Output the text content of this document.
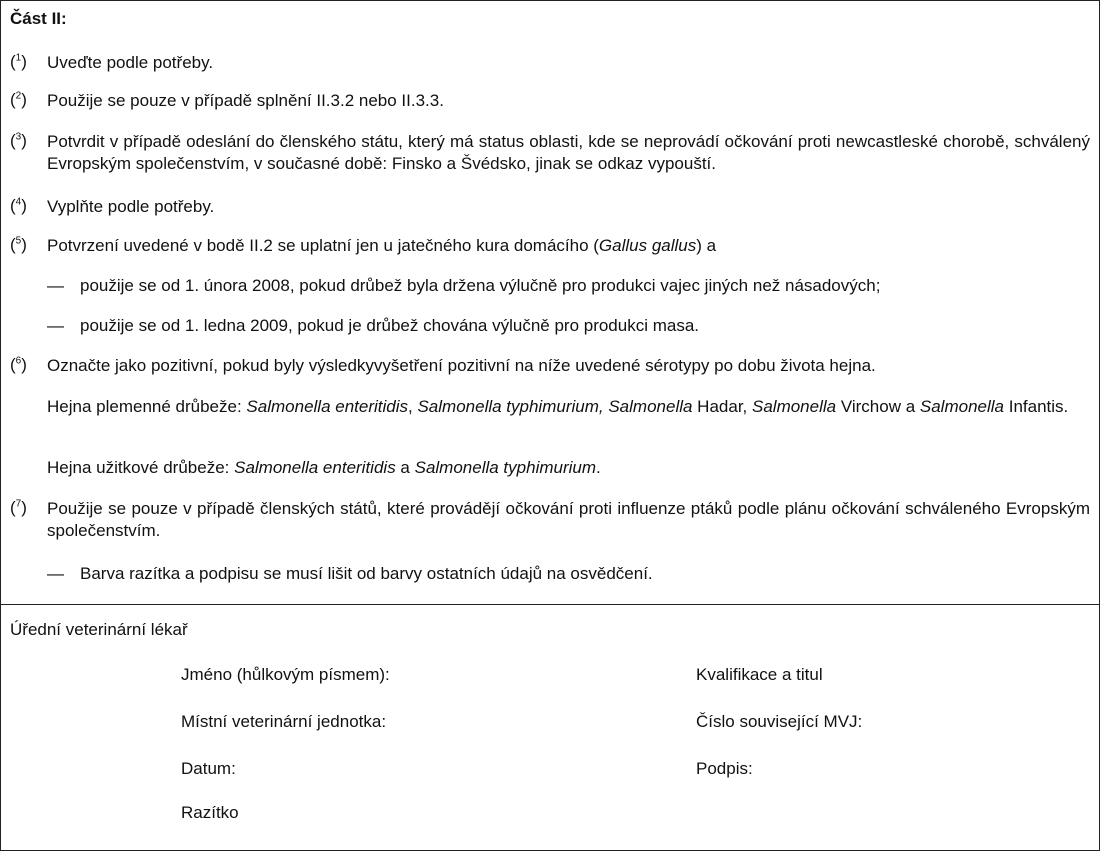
Část II:
($^1$)	Uveďte podle potřeby.
($^2$)	Použije se pouze v případě splnění II.3.2 nebo II.3.3.
($^3$)	Potvrdit v případě odeslání do členského státu, který má status oblasti, kde se neprovádí očkování proti newcastleské chorobě, schválený Evropským společenstvím, v současné době: Finsko a Švédsko, jinak se odkaz vypouští.
($^4$)	Vyplňte podle potřeby.
($^5$)	Potvrzení uvedené v bodě II.2 se uplatní jen u jatečného kura domácího (Gallus gallus) a
— použije se od 1. února 2008, pokud drůbež byla držena výlučně pro produkci vajec jiných než násadových;
— použije se od 1. ledna 2009, pokud je drůbež chována výlučně pro produkci masa.
($^6$)	Označte jako pozitivní, pokud byly výsledkyvyšetření pozitivní na níže uvedené sérotypy po dobu života hejna.
Hejna plemenné drůbeže: Salmonella enteritidis, Salmonella typhimurium, Salmonella Hadar, Salmonella Virchow a Salmonella Infantis.
Hejna užitkové drůbeže: Salmonella enteritidis a Salmonella typhimurium.
($^7$)	Použije se pouze v případě členských států, které provádějí očkování proti influenze ptáků podle plánu očkování schváleného Evropským společenstvím.
— Barva razítka a podpisu se musí lišit od barvy ostatních údajů na osvědčení.
Úřední veterinární lékař
Jméno (hůlkovým písmem):	Kvalifikace a titul
Místní veterinární jednotka:	Číslo související MVJ:
Datum:	Podpis:
Razítko
